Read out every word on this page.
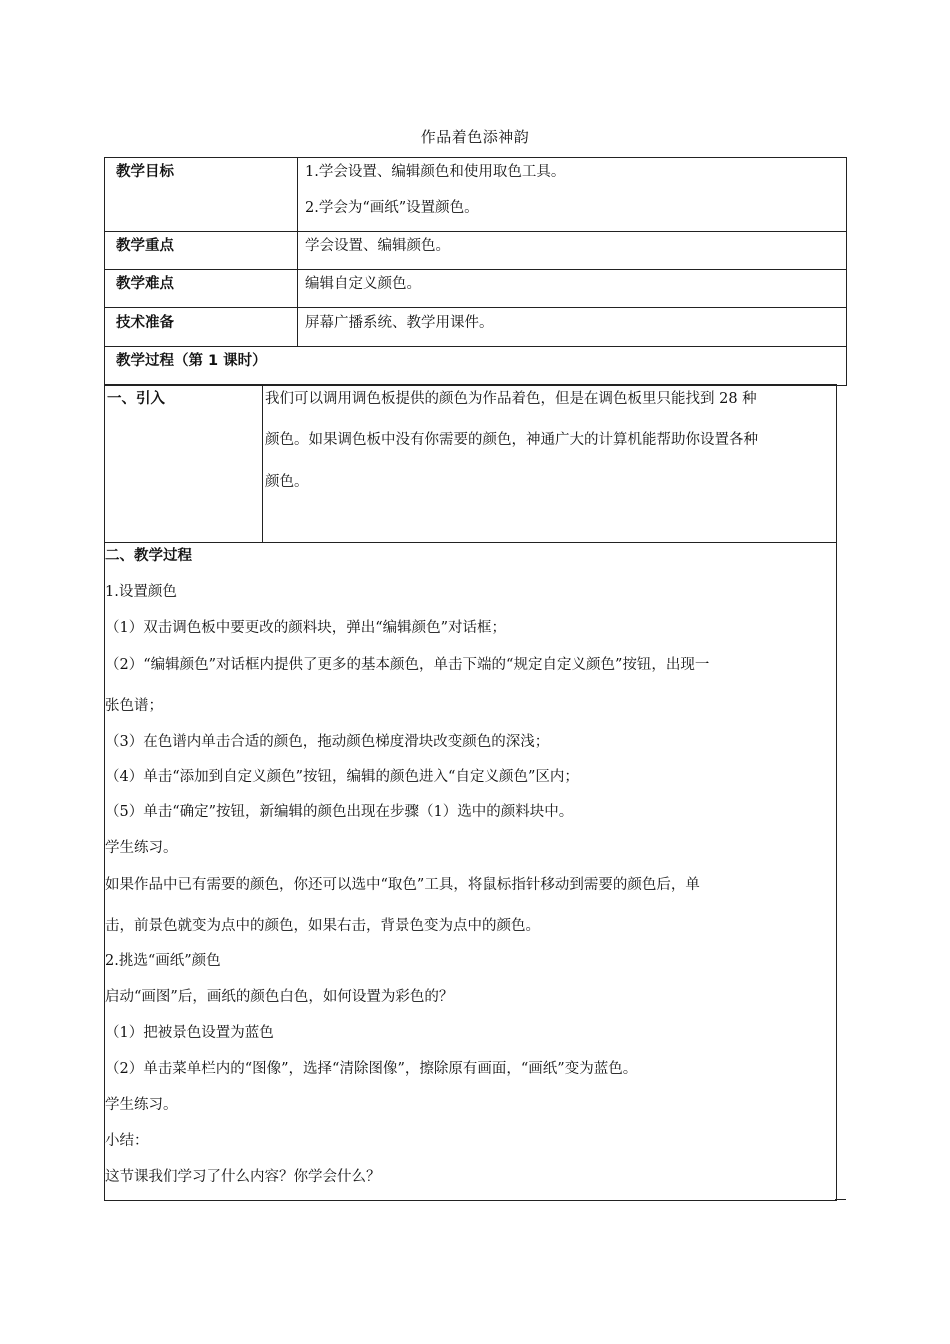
作品着色添神韵
教学目标	1.学会设置、编辑颜色和使用取色工具。
2.学会为“画纸”设置颜色。
教学重点	学会设置、编辑颜色。
教学难点	编辑自定义颜色。
技术准备	屏幕广播系统、教学用课件。
教学过程（第 1 课时）
一、引入	我们可以调用调色板提供的颜色为作品着色，但是在调色板里只能找到 28 种
颜色。如果调色板中没有你需要的颜色，神通广大的计算机能帮助你设置各种
颜色。
二、教学过程
1.设置颜色
（1）双击调色板中要更改的颜料块，弹出“编辑颜色”对话框；
（2）“编辑颜色”对话框内提供了更多的基本颜色，单击下端的“规定自定义颜色”按钮，出现一
张色谱；
（3）在色谱内单击合适的颜色，拖动颜色梯度滑块改变颜色的深浅；
（4）单击“添加到自定义颜色”按钮，编辑的颜色进入“自定义颜色”区内；
（5）单击“确定”按钮，新编辑的颜色出现在步骤（1）选中的颜料块中。
学生练习。
如果作品中已有需要的颜色，你还可以选中“取色”工具，将鼠标指针移动到需要的颜色后，单
击，前景色就变为点中的颜色，如果右击，背景色变为点中的颜色。
2.挑选“画纸”颜色
启动“画图”后，画纸的颜色白色，如何设置为彩色的？
（1）把被景色设置为蓝色
（2）单击菜单栏内的“图像”，选择“清除图像”，擦除原有画面，“画纸”变为蓝色。
学生练习。
小结：
这节课我们学习了什么内容？你学会什么？
